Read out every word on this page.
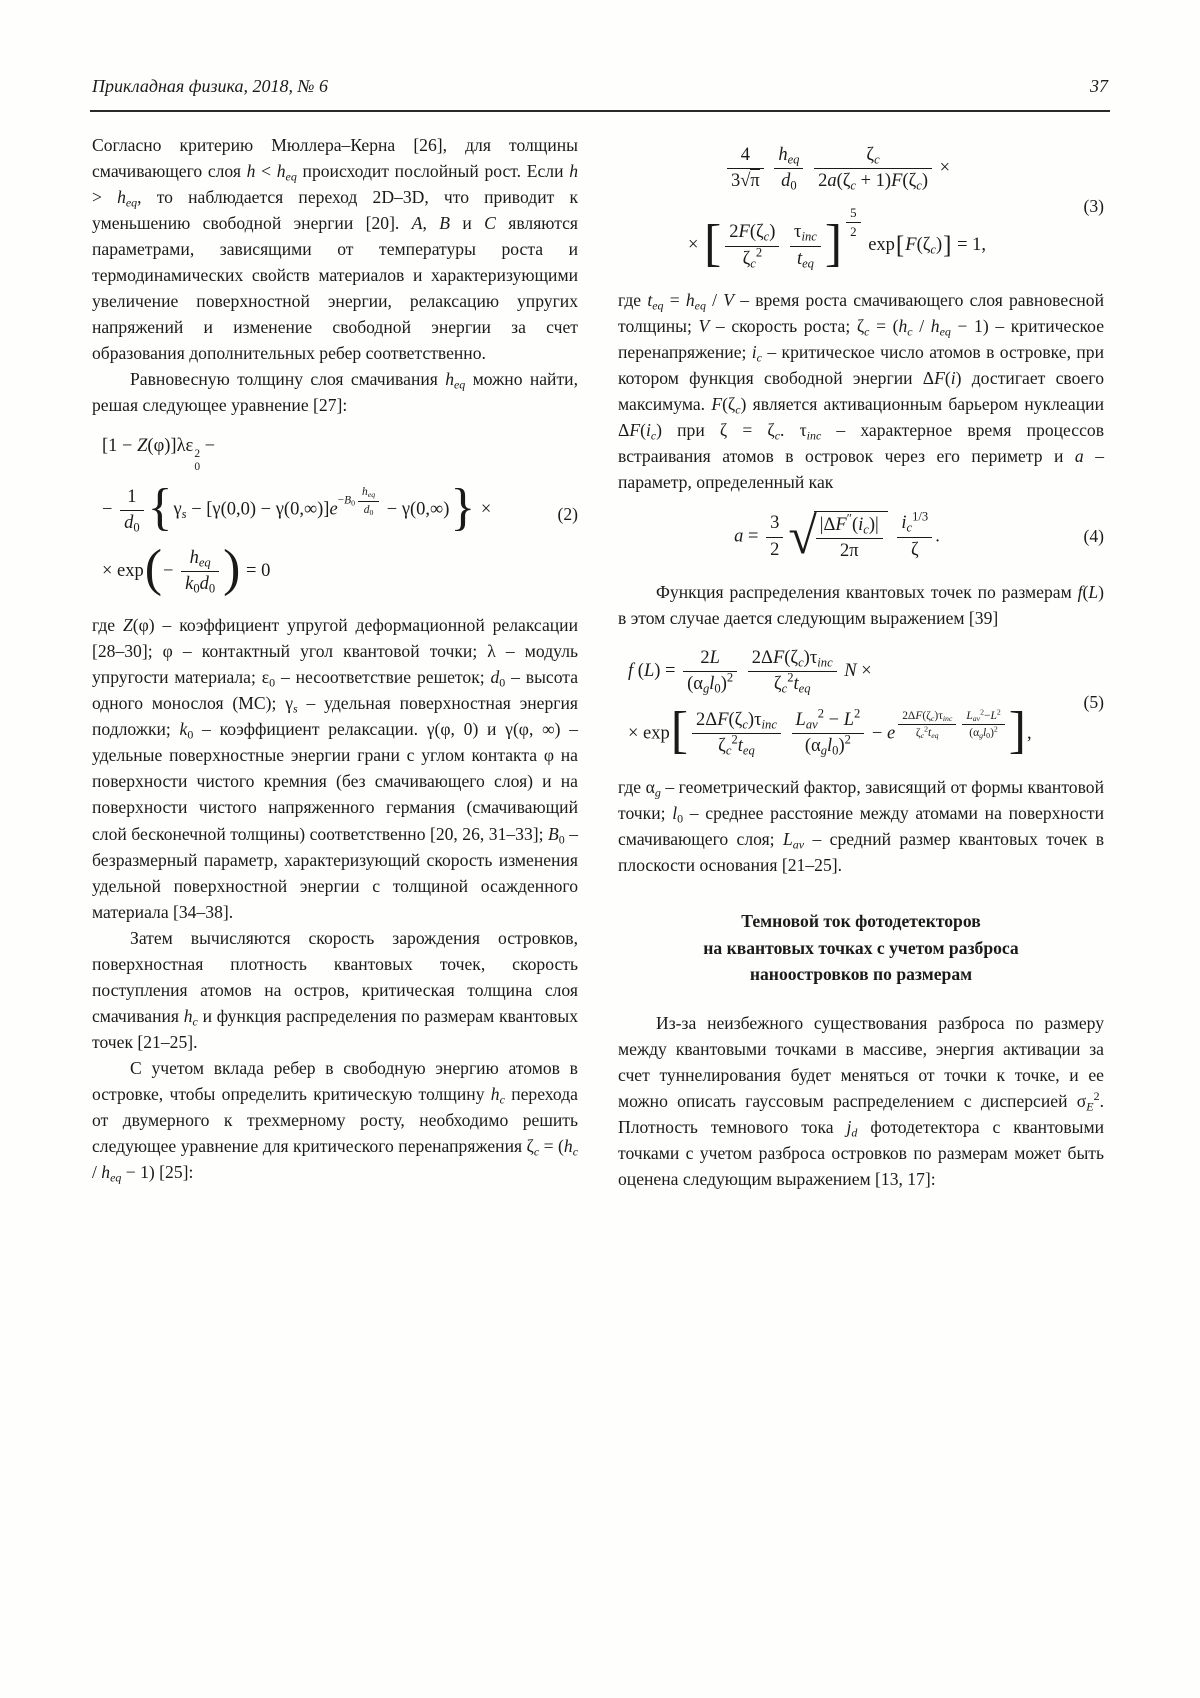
Прикладная физика, 2018, № 6	37

Согласно критерию Мюллера–Керна [26], для толщины смачивающего слоя $h < h_{eq}$ происходит послойный рост. Если $h > h_{eq}$, то наблюдается переход 2D–3D, что приводит к уменьшению свободной энергии [20]. A, B и C являются параметрами, зависящими от температуры роста и термодинамических свойств материалов и характеризующими увеличение поверхностной энергии, релаксацию упругих напряжений и изменение свободной энергии за счет образования дополнительных ребер соответственно.

Равновесную толщину слоя смачивания $h_{eq}$ можно найти, решая следующее уравнение [27]:

[1 − Z(φ)]λε 2
0
−
− $\frac{1}{d_0} \{\gamma_s - [\gamma(0,0) - \gamma(0,\infty)]e-B_0 \frac{h_{eq}}{d_0} - \gamma(0,\infty)\}$ ×
× $\exp(- \frac{h_{eq}}{k_0d_0}$ ) = 0
(2)

где Z(φ) – коэффициент упругой деформационной релаксации [28–30]; φ – контактный угол квантовой точки; λ – модуль упругости материала; $\varepsilon_0$ – несоответствие решеток; $d_0$ – высота одного монослоя (МС); $\gamma_s$ – удельная поверхностная энергия подложки; $k_0$ – коэффициент релаксации. γ(φ, 0) и γ(φ, ∞) – удельные поверхностные энергии грани с углом контакта φ на поверхности чистого кремния (без смачивающего слоя) и на поверхности чистого напряженного германия (смачивающий слой бесконечной толщины) соответственно [20, 26, 31–33]; $B_0$ – безразмерный параметр, характеризующий скорость изменения удельной поверхностной энергии с толщиной осажденного материала [34–38].

Затем вычисляются скорость зарождения островков, поверхностная плотность квантовых точек, скорость поступления атомов на остров, критическая толщина слоя смачивания $h_c$ и функция распределения по размерам квантовых точек [21–25].

С учетом вклада ребер в свободную энергию атомов в островке, чтобы определить критическую толщину $h_c$ перехода от двумерного к трехмерному росту, необходимо решить следующее уравнение для критического перенапряжения $\zeta_c = (h_c / h_{eq} - 1)$ [25]:

$\frac{4}{3√\pi}$
$\frac{h_{eq}}{d_0}$
$\frac{\zeta_c}{2a(\zeta_c + 1)F(\zeta_c)}$ ×
× [ $\frac{2F(\zeta_c)}{\zeta_c^2}$
$\frac{\tau_{inc}}{t_{eq}}$ ] $\frac{5}{2}$
$\exp[F(\zeta_c)] = 1$,
(3)

где $t_{eq} = h_{eq} / V$ – время роста смачивающего слоя равновесной толщины; V – скорость роста; $\zeta_c = (h_c / h_{eq} - 1)$ – критическое перенапряжение; $i_c$ – критическое число атомов в островке, при котором функция свободной энергии ΔF(i) достигает своего максимума. $F(\zeta_c)$ является активационным барьером нуклеации $\Delta F(i_c)$ при $\zeta = \zeta_c$. $\tau_{inc}$ – характерное время процессов встраивания атомов в островок через его периметр и a – параметр, определенный как

$a = \frac{3}{2}$ √ $\frac{|\Delta F''(i_c)|}{2\pi}$
$\frac{i_c^{1/3}}{\zeta}$ .	(4)

Функция распределения квантовых точек по размерам f(L) в этом случае дается следующим выражением [39]

f $(L) = \frac{2L}{(\alpha_gl_0)^2}$
$\frac{2\Delta F(\zeta_c)\tau_{inc}}{\zeta_c^2t_{eq}}$ N ×
× $\exp[ \frac{2\Delta F(\zeta_c)\tau_{inc}}{\zeta_c^2t_{eq}}$
$\frac{L_{av}^2 - L^2}{(\alpha_gl_0)^2} - e \frac{2\Delta F(\zeta_c)\tau_{inc}}{\zeta_c^2t_{eq}} \frac{L_{av}^2-L^2}{(\alpha_gl_0)^2}$ ],
(5)

где $\alpha_g$ – геометрический фактор, зависящий от формы квантовой точки; $l_0$ – среднее расстояние между атомами на поверхности смачивающего слоя; $L_{av}$ – средний размер квантовых точек в плоскости основания [21–25].

Темновой ток фотодетекторов
на квантовых точках с учетом разброса
наноостровков по размерам

Из-за неизбежного существования разброса по размеру между квантовыми точками в массиве, энергия активации за счет туннелирования будет меняться от точки к точке, и ее можно описать гауссовым распределением с дисперсией $\sigma_E^2$. Плотность темнового тока $j_d$ фотодетектора с квантовыми точками с учетом разброса островков по размерам может быть оценена следующим выражением [13, 17]:
